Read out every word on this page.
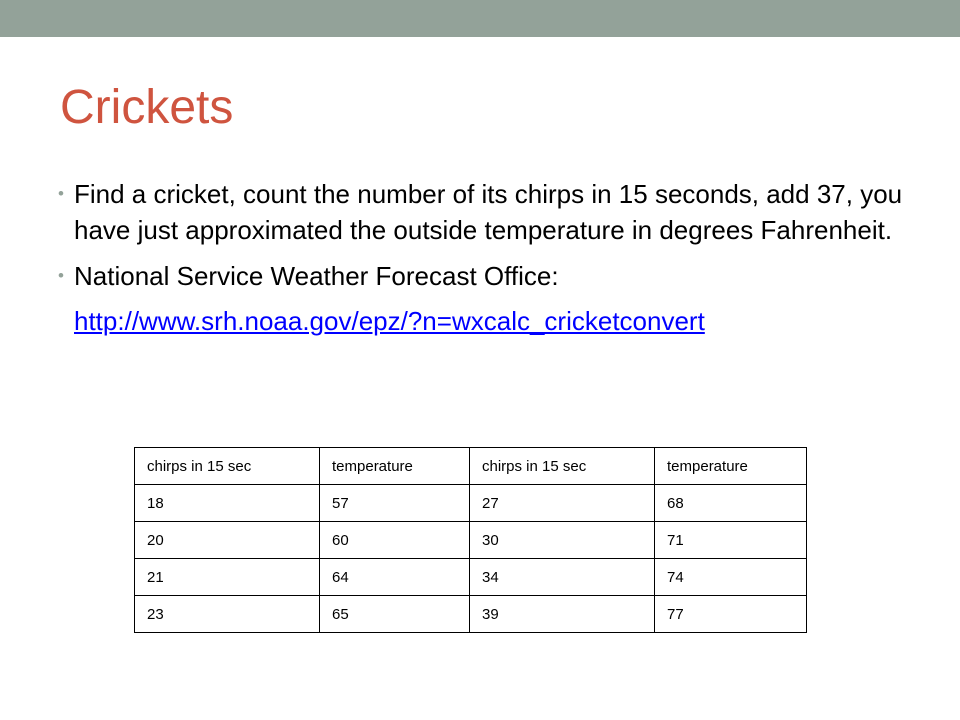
Crickets
• Find a cricket, count the number of its chirps in 15 seconds, add 37, you have just approximated the outside temperature in degrees Fahrenheit.
• National Service Weather Forecast Office:
http://www.srh.noaa.gov/epz/?n=wxcalc_cricketconvert
chirps in 15 sec	temperature	chirps in 15 sec	temperature
18	57	27	68
20	60	30	71
21	64	34	74
23	65	39	77
